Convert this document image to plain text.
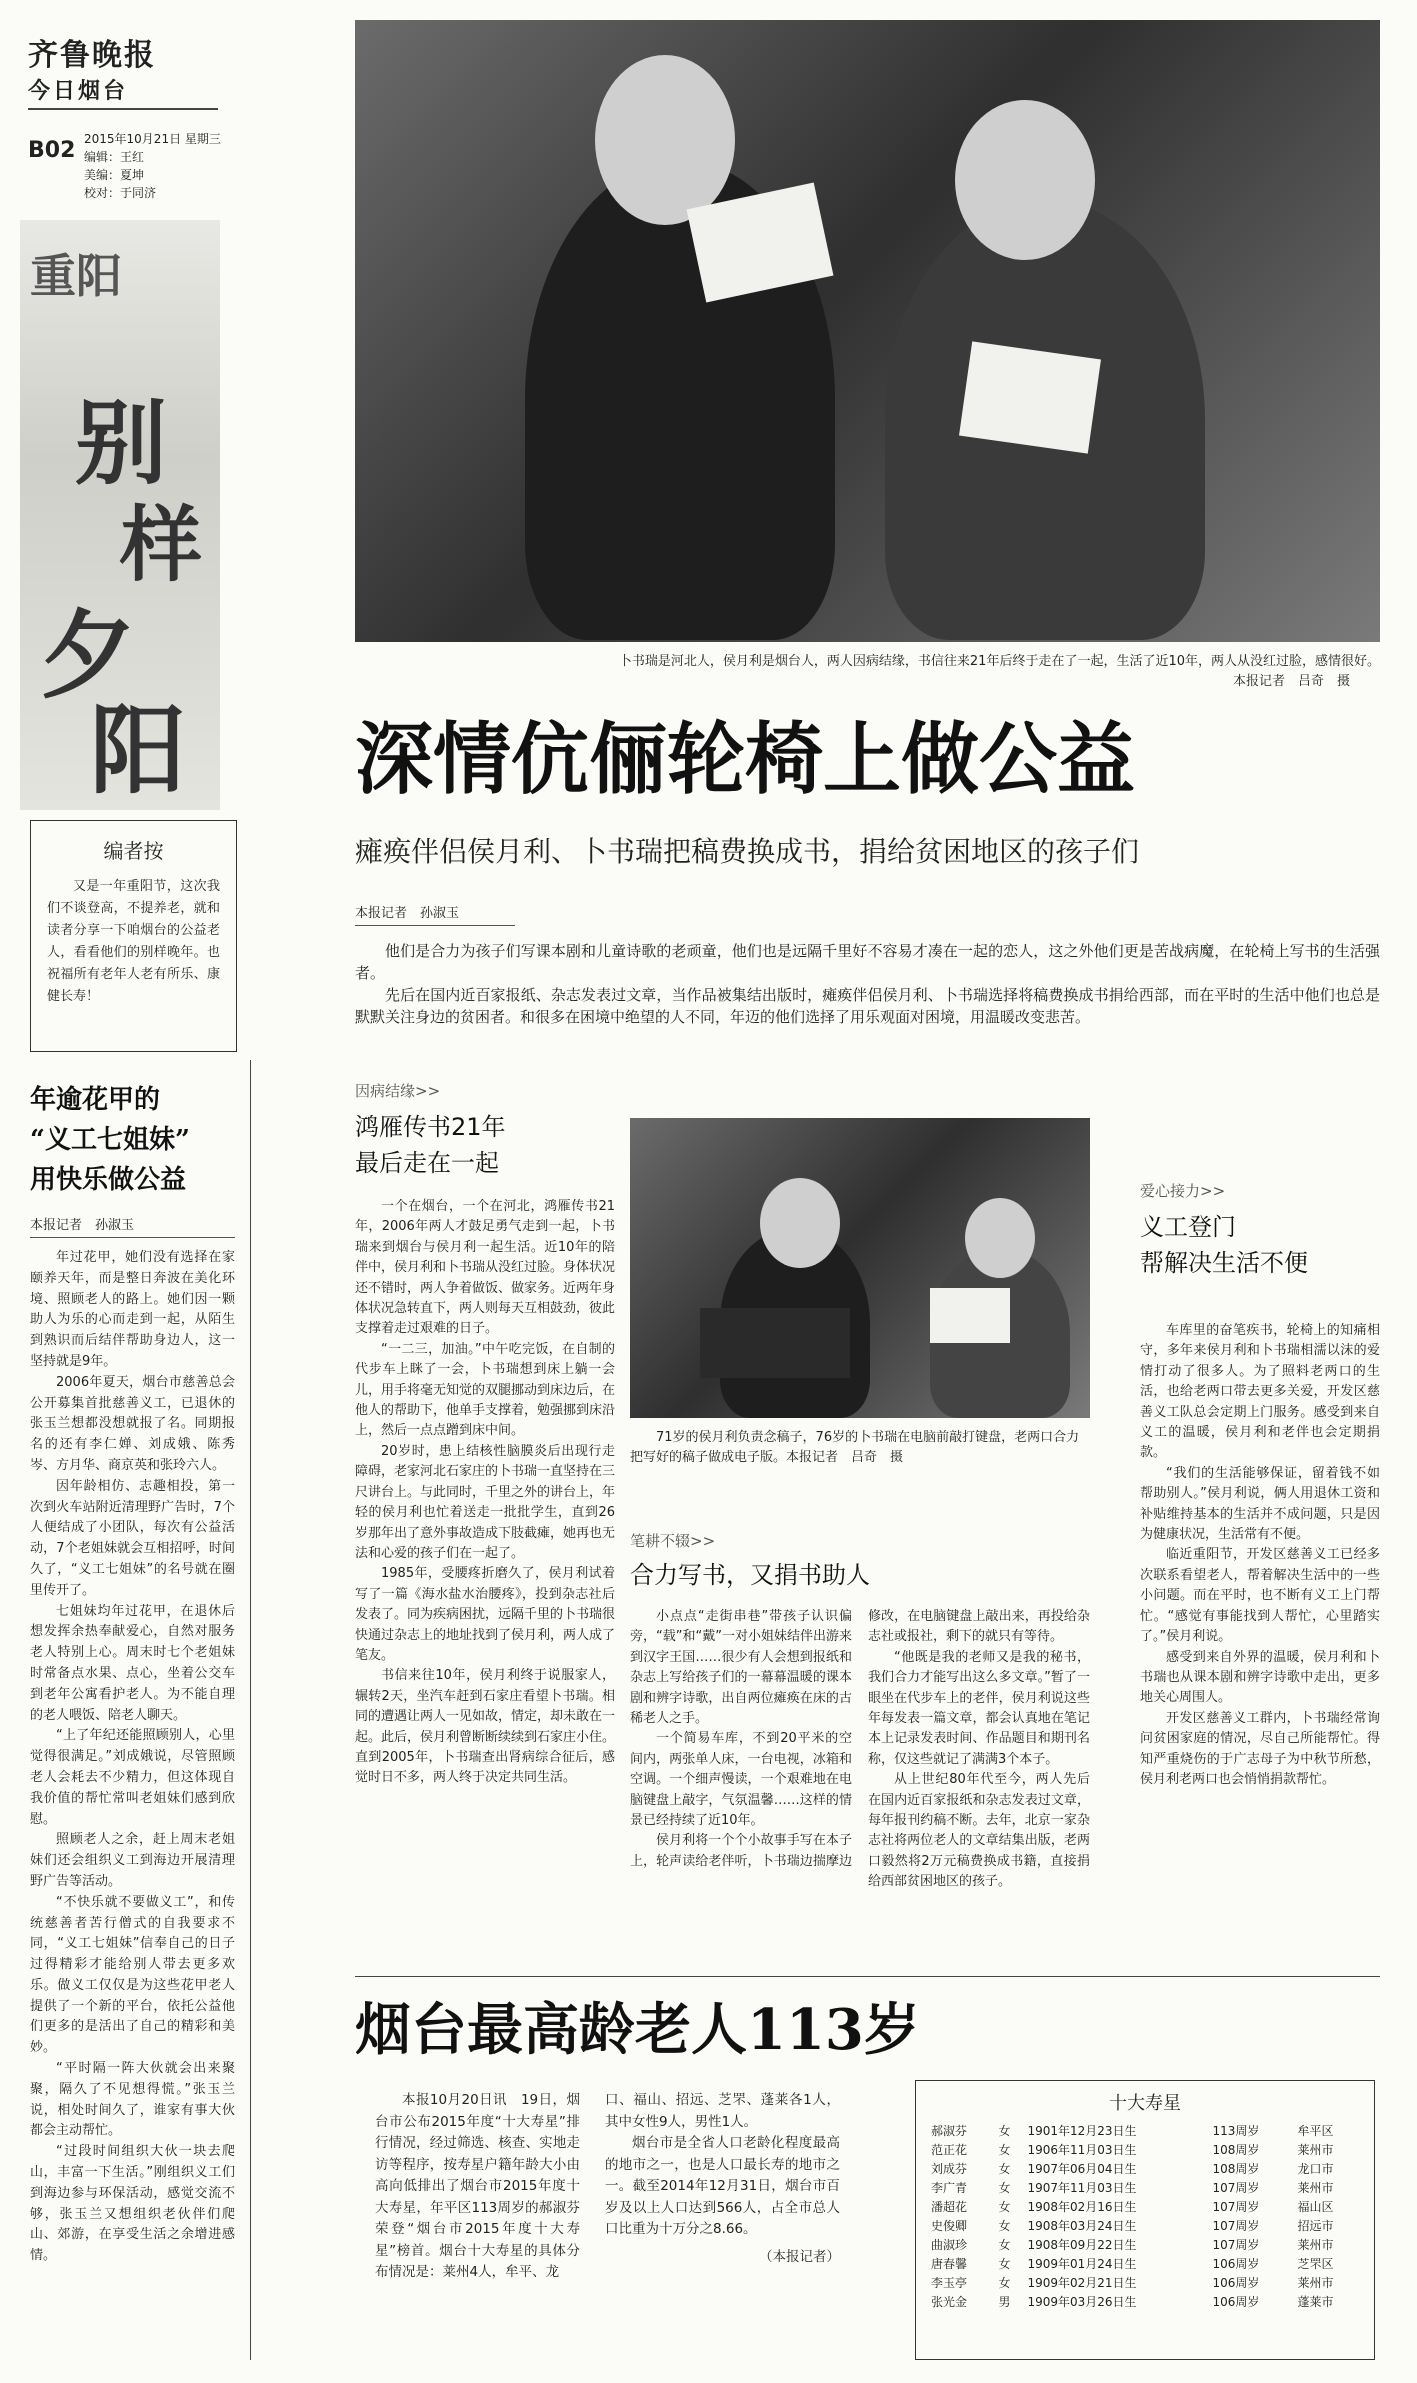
齐鲁晚报
今日烟台
B02 2015年10月21日 星期三
编辑：王红
美编：夏坤
校对：于同济
重阳
别
样
夕
阳
编者按
又是一年重阳节，这次我们不谈登高，不提养老，就和读者分享一下咱烟台的公益老人，看看他们的别样晚年。也祝福所有老年人老有所乐、康健长寿！
年逾花甲的
“义工七姐妹”
用快乐做公益
本报记者　孙淑玉

年过花甲，她们没有选择在家颐养天年，而是整日奔波在美化环境、照顾老人的路上。她们因一颗助人为乐的心而走到一起，从陌生到熟识而后结伴帮助身边人，这一坚持就是9年。

2006年夏天，烟台市慈善总会公开募集首批慈善义工，已退休的张玉兰想都没想就报了名。同期报名的还有李仁婵、刘成娥、陈秀岑、方月华、商京英和张玲六人。

因年龄相仿、志趣相投，第一次到火车站附近清理野广告时，7个人便结成了小团队，每次有公益活动，7个老姐妹就会互相招呼，时间久了，“义工七姐妹”的名号就在圈里传开了。

七姐妹均年过花甲，在退休后想发挥余热奉献爱心，自然对服务老人特别上心。周末时七个老姐妹时常备点水果、点心，坐着公交车到老年公寓看护老人。为不能自理的老人喂饭、陪老人聊天。

“上了年纪还能照顾别人，心里觉得很满足。”刘成娥说，尽管照顾老人会耗去不少精力，但这体现自我价值的帮忙常叫老姐妹们感到欣慰。

照顾老人之余，赶上周末老姐妹们还会组织义工到海边开展清理野广告等活动。

“不快乐就不要做义工”，和传统慈善者苦行僧式的自我要求不同，“义工七姐妹”信奉自己的日子过得精彩才能给别人带去更多欢乐。做义工仅仅是为这些花甲老人提供了一个新的平台，依托公益他们更多的是活出了自己的精彩和美妙。

“平时隔一阵大伙就会出来聚聚，隔久了不见想得慌。”张玉兰说，相处时间久了，谁家有事大伙都会主动帮忙。

“过段时间组织大伙一块去爬山，丰富一下生活。”刚组织义工们到海边参与环保活动，感觉交流不够，张玉兰又想组织老伙伴们爬山、郊游，在享受生活之余增进感情。

卜书瑞是河北人，侯月利是烟台人，两人因病结缘，书信往来21年后终于走在了一起，生活了近10年，两人从没红过脸，感情很好。
本报记者　吕奇　摄
深情伉俪轮椅上做公益
瘫痪伴侣侯月利、卜书瑞把稿费换成书，捐给贫困地区的孩子们
本报记者　孙淑玉

他们是合力为孩子们写课本剧和儿童诗歌的老顽童，他们也是远隔千里好不容易才凑在一起的恋人，这之外他们更是苦战病魔，在轮椅上写书的生活强者。

先后在国内近百家报纸、杂志发表过文章，当作品被集结出版时，瘫痪伴侣侯月利、卜书瑞选择将稿费换成书捐给西部，而在平时的生活中他们也总是默默关注身边的贫困者。和很多在困境中绝望的人不同，年迈的他们选择了用乐观面对困境，用温暖改变悲苦。

因病结缘>>
鸿雁传书21年
最后走在一起

一个在烟台，一个在河北，鸿雁传书21年，2006年两人才鼓足勇气走到一起，卜书瑞来到烟台与侯月利一起生活。近10年的陪伴中，侯月利和卜书瑞从没红过脸。身体状况还不错时，两人争着做饭、做家务。近两年身体状况急转直下，两人则每天互相鼓劲，彼此支撑着走过艰难的日子。

“一二三，加油。”中午吃完饭，在自制的代步车上眯了一会，卜书瑞想到床上躺一会儿，用手将毫无知觉的双腿挪动到床边后，在他人的帮助下，他单手支撑着，勉强挪到床沿上，然后一点点蹭到床中间。

20岁时，患上结核性脑膜炎后出现行走障碍，老家河北石家庄的卜书瑞一直坚持在三尺讲台上。与此同时，千里之外的讲台上，年轻的侯月利也忙着送走一批批学生，直到26岁那年出了意外事故造成下肢截瘫，她再也无法和心爱的孩子们在一起了。

1985年，受腰疼折磨久了，侯月利试着写了一篇《海水盐水治腰疼》，投到杂志社后发表了。同为疾病困扰，远隔千里的卜书瑞很快通过杂志上的地址找到了侯月利，两人成了笔友。

书信来往10年，侯月利终于说服家人，辗转2天，坐汽车赶到石家庄看望卜书瑞。相同的遭遇让两人一见如故，情定，却未敢在一起。此后，侯月利曾断断续续到石家庄小住。直到2005年，卜书瑞查出肾病综合征后，感觉时日不多，两人终于决定共同生活。

71岁的侯月利负责念稿子，76岁的卜书瑞在电脑前敲打键盘，老两口合力把写好的稿子做成电子版。本报记者　吕奇　摄
笔耕不辍>>
合力写书，又捐书助人

小点点“走街串巷”带孩子认识偏旁，“载”和“戴”一对小姐妹结伴出游来到汉字王国……很少有人会想到报纸和杂志上写给孩子们的一幕幕温暖的课本剧和辨字诗歌，出自两位瘫痪在床的古稀老人之手。

一个简易车库，不到20平米的空间内，两张单人床，一台电视，冰箱和空调。一个细声慢读，一个艰难地在电脑键盘上敲字，气氛温馨……这样的情景已经持续了近10年。

侯月利将一个个小故事手写在本子上，轮声读给老伴听，卜书瑞边揣摩边修改，在电脑键盘上敲出来，再投给杂志社或报社，剩下的就只有等待。

“他既是我的老师又是我的秘书，我们合力才能写出这么多文章。”暂了一眼坐在代步车上的老伴，侯月利说这些年每发表一篇文章，都会认真地在笔记本上记录发表时间、作品题目和期刊名称，仅这些就记了满满3个本子。

从上世纪80年代至今，两人先后在国内近百家报纸和杂志发表过文章，每年报刊约稿不断。去年，北京一家杂志社将两位老人的文章结集出版，老两口毅然将2万元稿费换成书籍，直接捐给西部贫困地区的孩子。

爱心接力>>
义工登门
帮解决生活不便

车库里的奋笔疾书，轮椅上的知痛相守，多年来侯月利和卜书瑞相濡以沫的爱情打动了很多人。为了照料老两口的生活，也给老两口带去更多关爱，开发区慈善义工队总会定期上门服务。感受到来自义工的温暖，侯月利和老伴也会定期捐款。

“我们的生活能够保证，留着钱不如帮助别人。”侯月利说，俩人用退休工资和补贴维持基本的生活并不成问题，只是因为健康状况，生活常有不便。

临近重阳节，开发区慈善义工已经多次联系看望老人，帮着解决生活中的一些小问题。而在平时，也不断有义工上门帮忙。“感觉有事能找到人帮忙，心里踏实了。”侯月利说。

感受到来自外界的温暖，侯月利和卜书瑞也从课本剧和辨字诗歌中走出，更多地关心周围人。

开发区慈善义工群内，卜书瑞经常询问贫困家庭的情况，尽自己所能帮忙。得知严重烧伤的于广志母子为中秋节所愁，侯月利老两口也会悄悄捐款帮忙。

烟台最高龄老人113岁

本报10月20日讯　19日，烟台市公布2015年度“十大寿星”排行情况，经过筛选、核查、实地走访等程序，按寿星户籍年龄大小由高向低排出了烟台市2015年度十大寿星，年平区113周岁的郝淑芬荣登“烟台市2015年度十大寿星”榜首。烟台十大寿星的具体分布情况是：莱州4人，牟平、龙

口、福山、招远、芝罘、蓬莱各1人，其中女性9人，男性1人。

烟台市是全省人口老龄化程度最高的地市之一，也是人口最长寿的地市之一。截至2014年12月31日，烟台市百岁及以上人口达到566人，占全市总人口比重为十万分之8.66。

（本报记者）

十大寿星
郝淑芬	女	1901年12月23日生	113周岁	牟平区
范正花	女	1906年11月03日生	108周岁	莱州市
刘成芬	女	1907年06月04日生	108周岁	龙口市
李广青	女	1907年11月03日生	107周岁	莱州市
潘超花	女	1908年02月16日生	107周岁	福山区
史俊卿	女	1908年03月24日生	107周岁	招远市
曲淑珍	女	1908年09月22日生	107周岁	莱州市
唐春馨	女	1909年01月24日生	106周岁	芝罘区
李玉亭	女	1909年02月21日生	106周岁	莱州市
张光金	男	1909年03月26日生	106周岁	蓬莱市
